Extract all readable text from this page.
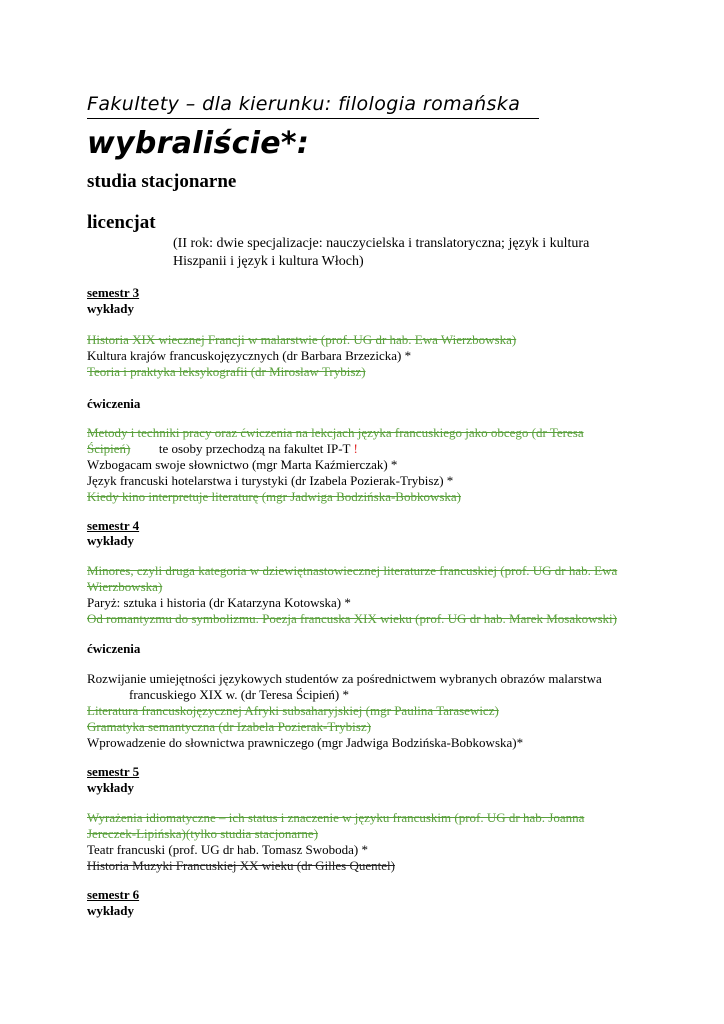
Fakultety – dla kierunku: filologia romańska
wybraliście*:
studia stacjonarne
licencjat
(II rok: dwie specjalizacje: nauczycielska i translatoryczna; język i kultura
Hiszpanii i język i kultura Włoch)
semestr 3
wykłady
Historia XIX wiecznej Francji w malarstwie (prof. UG dr hab. Ewa Wierzbowska)
Kultura krajów francuskojęzycznych (dr Barbara Brzezicka) *
Teoria i praktyka leksykografii (dr Mirosław Trybisz)
ćwiczenia
Metody i techniki pracy oraz ćwiczenia na lekcjach języka francuskiego jako obcego (dr Teresa
Ścipień) te osoby przechodzą na fakultet IP-T !
Wzbogacam swoje słownictwo (mgr Marta Kaźmierczak) *
Język francuski hotelarstwa i turystyki (dr Izabela Pozierak-Trybisz) *
Kiedy kino interpretuje literaturę (mgr Jadwiga Bodzińska-Bobkowska)
semestr 4
wykłady
Minores, czyli druga kategoria w dziewiętnastowiecznej literaturze francuskiej (prof. UG dr hab. Ewa
Wierzbowska)
Paryż: sztuka i historia (dr Katarzyna Kotowska) *
Od romantyzmu do symbolizmu. Poezja francuska XIX wieku (prof. UG dr hab. Marek Mosakowski)
ćwiczenia
Rozwijanie umiejętności językowych studentów za pośrednictwem wybranych obrazów malarstwa
francuskiego XIX w. (dr Teresa Ścipień) *
Literatura francuskojęzycznej Afryki subsaharyjskiej (mgr Paulina Tarasewicz)
Gramatyka semantyczna (dr Izabela Pozierak-Trybisz)
Wprowadzenie do słownictwa prawniczego (mgr Jadwiga Bodzińska-Bobkowska)*
semestr 5
wykłady
Wyrażenia idiomatyczne – ich status i znaczenie w języku francuskim (prof. UG dr hab. Joanna
Jereczek-Lipińska)(tylko studia stacjonarne)
Teatr francuski (prof. UG dr hab. Tomasz Swoboda) *
Historia Muzyki Francuskiej XX wieku (dr Gilles Quentel)
semestr 6
wykłady
